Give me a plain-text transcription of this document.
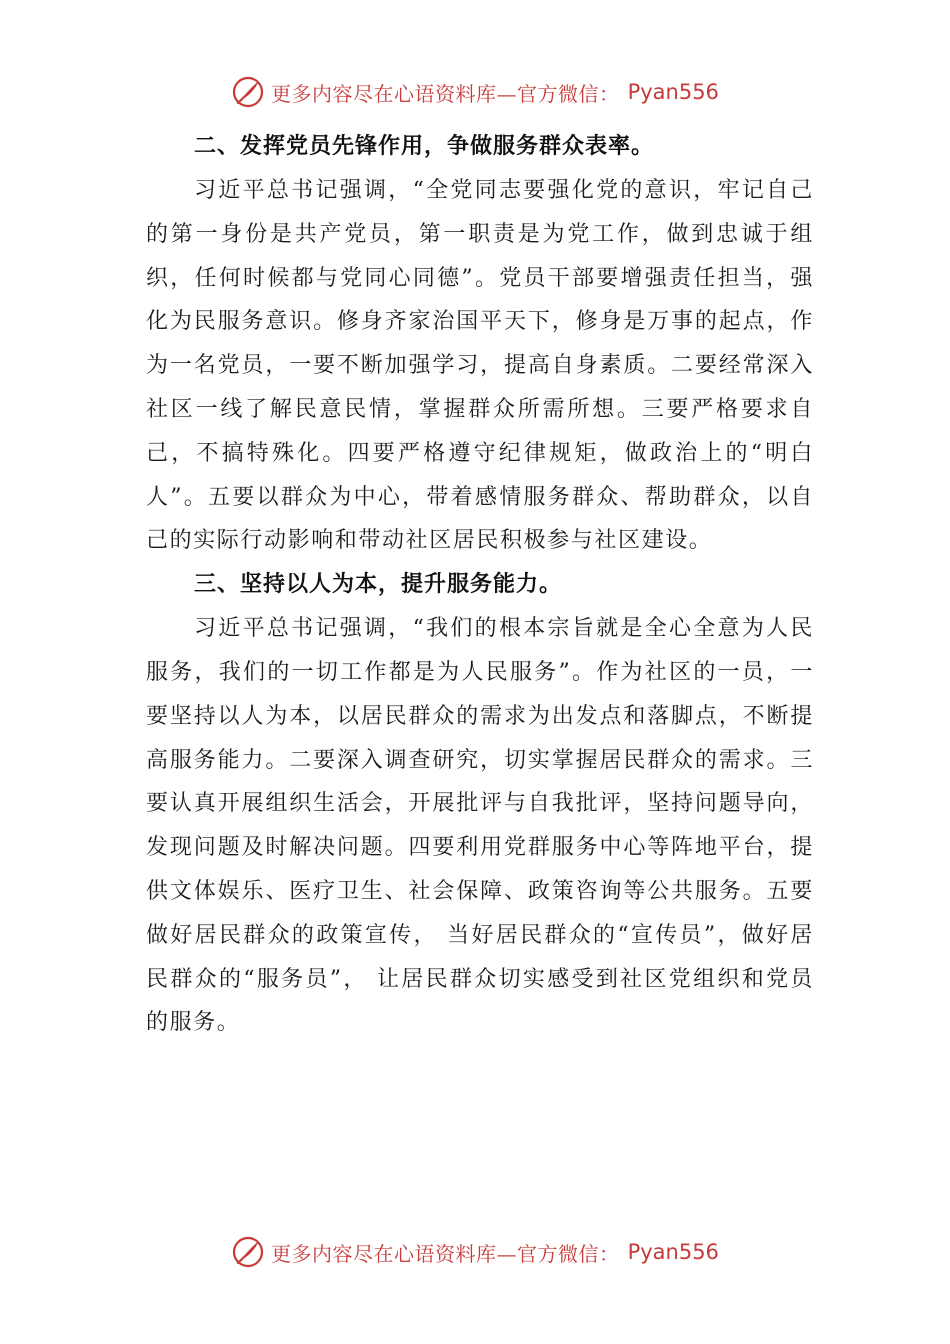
更多内容尽在心语资料库—官方微信： Pyan556
二、发挥党员先锋作用，争做服务群众表率。

习近平总书记强调，“全党同志要强化党的意识，牢记自己的第一身份是共产党员，第一职责是为党工作，做到忠诚于组织，任何时候都与党同心同德”。党员干部要增强责任担当，强化为民服务意识。修身齐家治国平天下，修身是万事的起点，作为一名党员，一要不断加强学习，提高自身素质。二要经常深入社区一线了解民意民情，掌握群众所需所想。三要严格要求自己，不搞特殊化。四要严格遵守纪律规矩，做政治上的“明白人”。五要以群众为中心，带着感情服务群众、帮助群众，以自己的实际行动影响和带动社区居民积极参与社区建设。

三、坚持以人为本，提升服务能力。

习近平总书记强调，“我们的根本宗旨就是全心全意为人民服务，我们的一切工作都是为人民服务”。作为社区的一员，一要坚持以人为本，以居民群众的需求为出发点和落脚点，不断提高服务能力。二要深入调查研究，切实掌握居民群众的需求。三要认真开展组织生活会，开展批评与自我批评，坚持问题导向，发现问题及时解决问题。四要利用党群服务中心等阵地平台，提供文体娱乐、医疗卫生、社会保障、政策咨询等公共服务。五要做好居民群众的政策宣传， 当好居民群众的“宣传员”，做好居民群众的“服务员”， 让居民群众切实感受到社区党组织和党员的服务。

更多内容尽在心语资料库—官方微信： Pyan556
